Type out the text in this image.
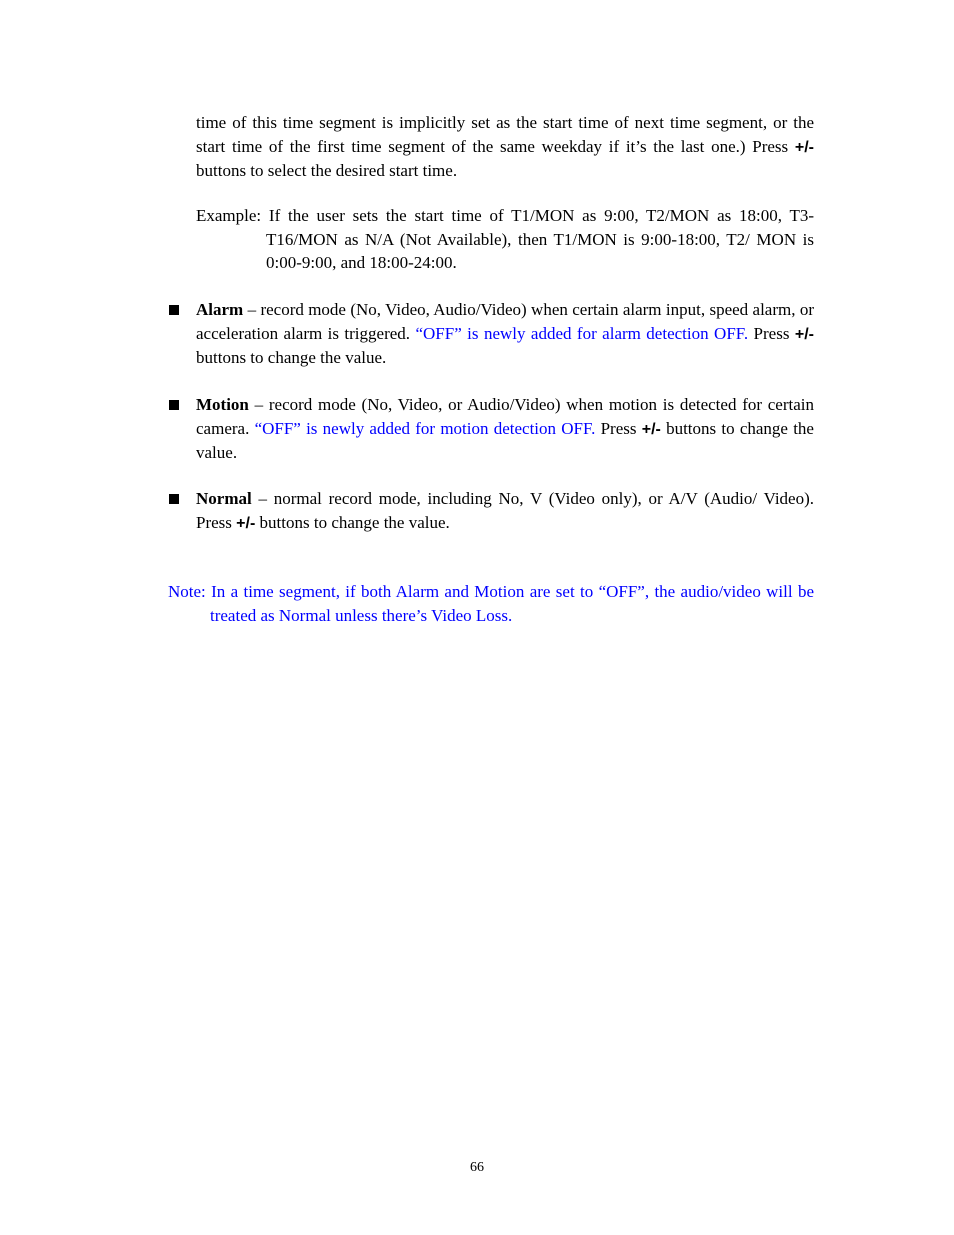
time of this time segment is implicitly set as the start time of next time segment, or the start time of the first time segment of the same weekday if it’s the last one.) Press +/- buttons to select the desired start time.

Example: If the user sets the start time of T1/MON as 9:00, T2/MON as 18:00, T3-T16/MON as N/A (Not Available), then T1/MON is 9:00-18:00, T2/ MON is 0:00-9:00, and 18:00-24:00.

Alarm – record mode (No, Video, Audio/Video) when certain alarm input, speed alarm, or acceleration alarm is triggered. “OFF” is newly added for alarm detection OFF. Press +/- buttons to change the value.

Motion – record mode (No, Video, or Audio/Video) when motion is detected for certain camera. “OFF” is newly added for motion detection OFF. Press +/- buttons to change the value.

Normal – normal record mode, including No, V (Video only), or A/V (Audio/ Video). Press +/- buttons to change the value.

Note: In a time segment, if both Alarm and Motion are set to “OFF”, the audio/video will be treated as Normal unless there’s Video Loss.

66
